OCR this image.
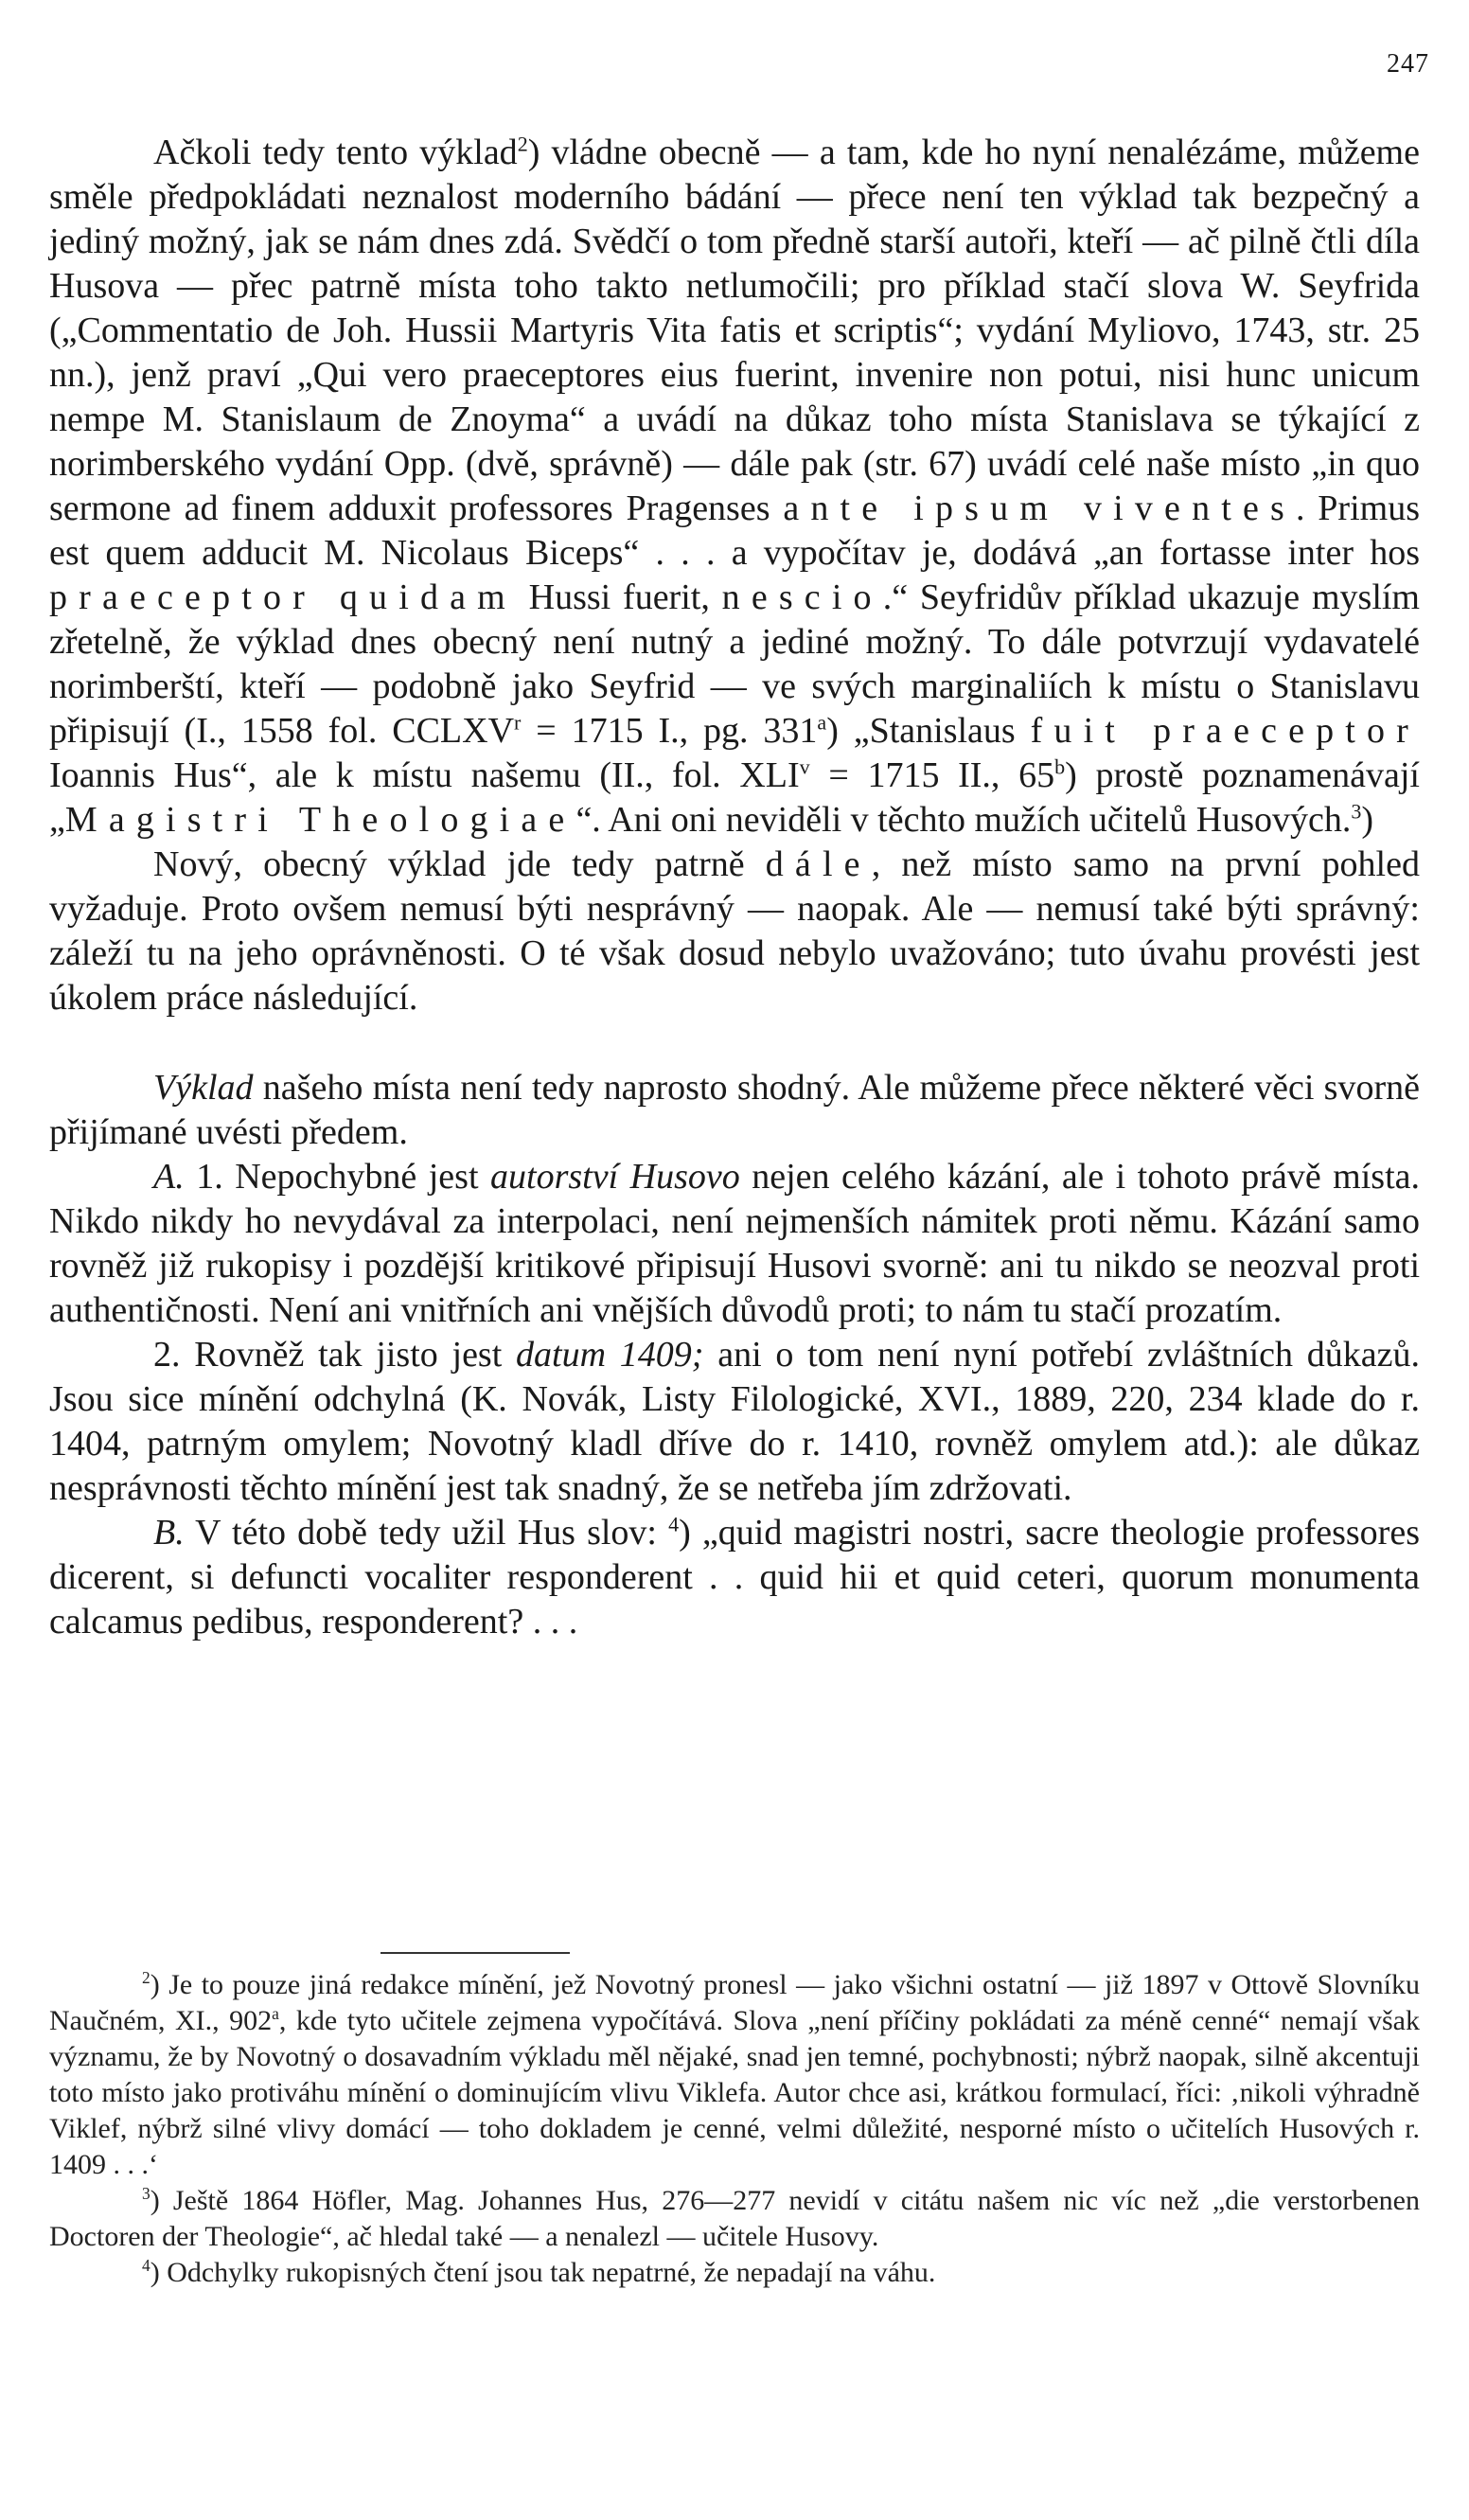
247

Ačkoli tedy tento výklad$^2$) vládne obecně — a tam, kde ho nyní nenalézáme, můžeme směle předpokládati neznalost moderního bádání — přece není ten výklad tak bezpečný a jediný možný, jak se nám dnes zdá. Svědčí o tom předně starší autoři, kteří — ač pilně čtli díla Husova — přec patrně místa toho takto netlumočili; pro příklad stačí slova W. Seyfrida („Commentatio de Joh. Hussii Martyris Vita fatis et scriptis“; vydání Myliovo, 1743, str. 25 nn.), jenž praví „Qui vero praeceptores eius fuerint, invenire non potui, nisi hunc unicum nempe M. Stanislaum de Znoyma“ a uvádí na důkaz toho místa Stanislava se týkající z norimberského vydání Opp. (dvě, správně) — dále pak (str. 67) uvádí celé naše místo „in quo sermone ad finem adduxit professores Pragenses ante ipsum viventes. Primus est quem adducit M. Nicolaus Biceps“ . . . a vypočítav je, dodává „an fortasse inter hos praeceptor quidam Hussi fuerit, nescio.“ Seyfridův příklad ukazuje myslím zřetelně, že výklad dnes obecný není nutný a jediné možný. To dále potvrzují vydavatelé norimberští, kteří — podobně jako Seyfrid — ve svých marginaliích k místu o Stanislavu připisují (I., 1558 fol. $CCLXV^r = 1715$ I., pg. 331$^a$) „Stanislaus fuit praeceptor Ioannis Hus“, ale k místu našemu (II., fol. $XLI^v = 1715$ II., 65$^b$) prostě poznamenávají „Magistri Theologiae“. Ani oni neviděli v těchto mužích učitelů Husových.$^3$)

Nový, obecný výklad jde tedy patrně dále, než místo samo na první pohled vyžaduje. Proto ovšem nemusí býti nesprávný — naopak. Ale — nemusí také býti správný: záleží tu na jeho oprávněnosti. O té však dosud nebylo uvažováno; tuto úvahu provésti jest úkolem práce následující.

Výklad našeho místa není tedy naprosto shodný. Ale můžeme přece některé věci svorně přijímané uvésti předem.

A. 1. Nepochybné jest autorství Husovo nejen celého kázání, ale i tohoto právě místa. Nikdo nikdy ho nevydával za interpolaci, není nejmenších námitek proti němu. Kázání samo rovněž již rukopisy i pozdější kritikové připisují Husovi svorně: ani tu nikdo se neozval proti authentičnosti. Není ani vnitřních ani vnějších důvodů proti; to nám tu stačí prozatím.

2. Rovněž tak jisto jest datum 1409; ani o tom není nyní potřebí zvláštních důkazů. Jsou sice mínění odchylná (K. Novák, Listy Filologické, XVI., 1889, 220, 234 klade do r. 1404, patrným omylem; Novotný kladl dříve do r. 1410, rovněž omylem atd.): ale důkaz nesprávnosti těchto mínění jest tak snadný, že se netřeba jím zdržovati.

B. V této době tedy užil Hus slov: $^4$) „quid magistri nostri, sacre theologie professores dicerent, si defuncti vocaliter responderent . . quid hii et quid ceteri, quorum monumenta calcamus pedibus, responderent? . . .

$^2$) Je to pouze jiná redakce mínění, jež Novotný pronesl — jako všichni ostatní — již 1897 v Ottově Slovníku Naučném, XI., 902$^a$, kde tyto učitele zejmena vypočítává. Slova „není příčiny pokládati za méně cenné“ nemají však významu, že by Novotný o dosavadním výkladu měl nějaké, snad jen temné, pochybnosti; nýbrž naopak, silně akcentuji toto místo jako protiváhu mínění o dominujícím vlivu Viklefa. Autor chce asi, krátkou formulací, říci: ‚nikoli výhradně Viklef, nýbrž silné vlivy domácí — toho dokladem je cenné, velmi důležité, nesporné místo o učitelích Husových r. 1409 . . .‘

$^3$) Ještě 1864 Höfler, Mag. Johannes Hus, 276—277 nevidí v citátu našem nic víc než „die verstorbenen Doctoren der Theologie“, ač hledal také — a nenalezl — učitele Husovy.

$^4$) Odchylky rukopisných čtení jsou tak nepatrné, že nepadají na váhu.
